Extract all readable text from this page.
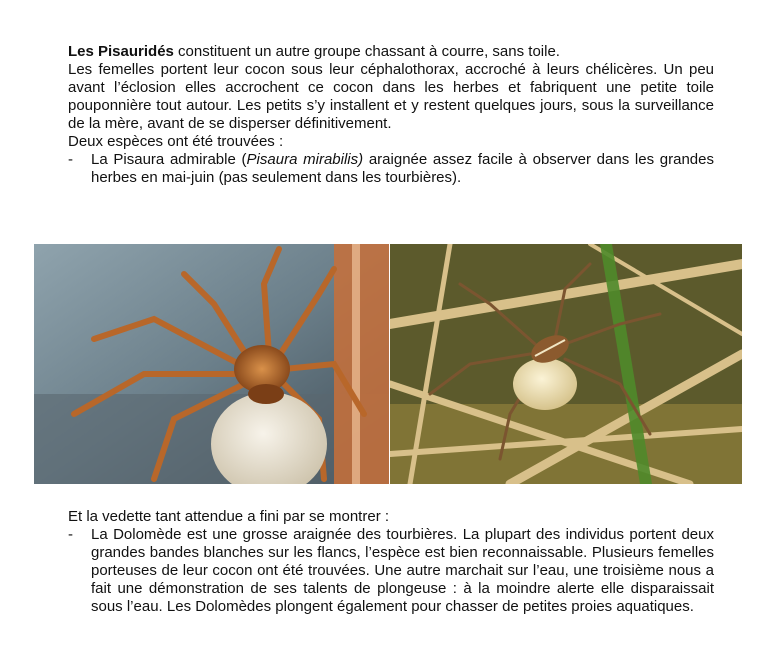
Les Pisauridés constituent un autre groupe chassant à courre, sans toile.
Les femelles portent leur cocon sous leur céphalothorax, accroché à leurs chélicères. Un peu avant l’éclosion elles accrochent ce cocon dans les herbes et fabriquent une petite toile pouponnière tout autour. Les petits s’y installent et y restent quelques jours, sous la surveillance de la mère, avant de se disperser définitivement.
Deux espèces ont été trouvées :
- La Pisaura admirable (Pisaura mirabilis) araignée assez facile à observer dans les grandes herbes en mai-juin (pas seulement dans les tourbières).
Et la vedette tant attendue a fini par se montrer :
- La Dolomède est une grosse araignée des tourbières. La plupart des individus portent deux grandes bandes blanches sur les flancs, l’espèce est bien reconnaissable. Plusieurs femelles porteuses de leur cocon ont été trouvées. Une autre marchait sur l’eau, une troisième nous a fait une démonstration de ses talents de plongeuse : à la moindre alerte elle disparaissait sous l’eau. Les Dolomèdes plongent également pour chasser de petites proies aquatiques.
